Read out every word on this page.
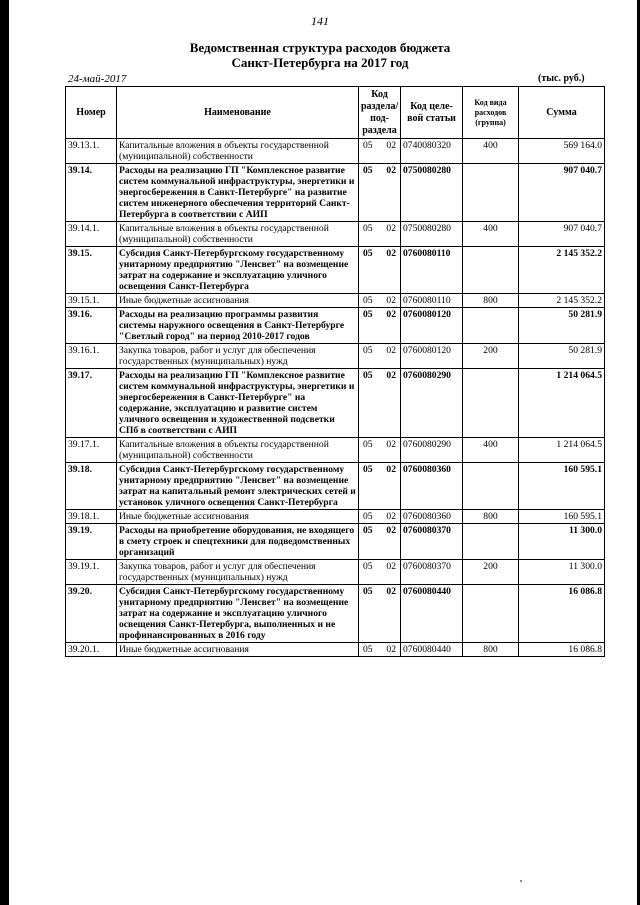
141
Ведомственная структура расходов бюджета
Санкт-Петербурга на 2017 год
24-май-2017	(тыс. руб.)
Номер	Наименование	Код раздела/ под- раздела	Код целе- вой статьи	Код вида расходов (группа)	Сумма
39.13.1.	Капитальные вложения в объекты государственной (муниципальной) собственности	05 02	0740080320	400	569 164.0
39.14.	Расходы на реализацию ГП "Комплексное развитие систем коммунальной инфраструктуры, энергетики и энергосбережения в Санкт-Петербурге" на развитие систем инженерного обеспечения территорий Санкт-Петербурга в соответствии с АИП	05 02	0750080280		907 040.7
39.14.1.	Капитальные вложения в объекты государственной (муниципальной) собственности	05 02	0750080280	400	907 040.7
39.15.	Субсидия Санкт-Петербургскому государственному унитарному предприятию "Ленсвет" на возмещение затрат на содержание и эксплуатацию уличного освещения Санкт-Петербурга	05 02	0760080110		2 145 352.2
39.15.1.	Иные бюджетные ассигнования	05 02	0760080110	800	2 145 352.2
39.16.	Расходы на реализацию программы развития системы наружного освещения в Санкт-Петербурге "Светлый город" на период 2010-2017 годов	05 02	0760080120		50 281.9
39.16.1.	Закупка товаров, работ и услуг для обеспечения государственных (муниципальных) нужд	05 02	0760080120	200	50 281.9
39.17.	Расходы на реализацию ГП "Комплексное развитие систем коммунальной инфраструктуры, энергетики и энергосбережения в Санкт-Петербурге" на содержание, эксплуатацию и развитие систем уличного освещения и художественной подсветки СПб в соответствии с АИП	05 02	0760080290		1 214 064.5
39.17.1.	Капитальные вложения в объекты государственной (муниципальной) собственности	05 02	0760080290	400	1 214 064.5
39.18.	Субсидия Санкт-Петербургскому государственному унитарному предприятию "Ленсвет" на возмещение затрат на капитальный ремонт электрических сетей и установок уличного освещения Санкт-Петербурга	05 02	0760080360		160 595.1
39.18.1.	Иные бюджетные ассигнования	05 02	0760080360	800	160 595.1
39.19.	Расходы на приобретение оборудования, не входящего в смету строек и спецтехники для подведомственных организаций	05 02	0760080370		11 300.0
39.19.1.	Закупка товаров, работ и услуг для обеспечения государственных (муниципальных) нужд	05 02	0760080370	200	11 300.0
39.20.	Субсидия Санкт-Петербургскому государственному унитарному предприятию "Ленсвет" на возмещение затрат на содержание и эксплуатацию уличного освещения Санкт-Петербурга, выполненных и не профинансированных в 2016 году	05 02	0760080440		16 086.8
39.20.1.	Иные бюджетные ассигнования	05 02	0760080440	800	16 086.8
